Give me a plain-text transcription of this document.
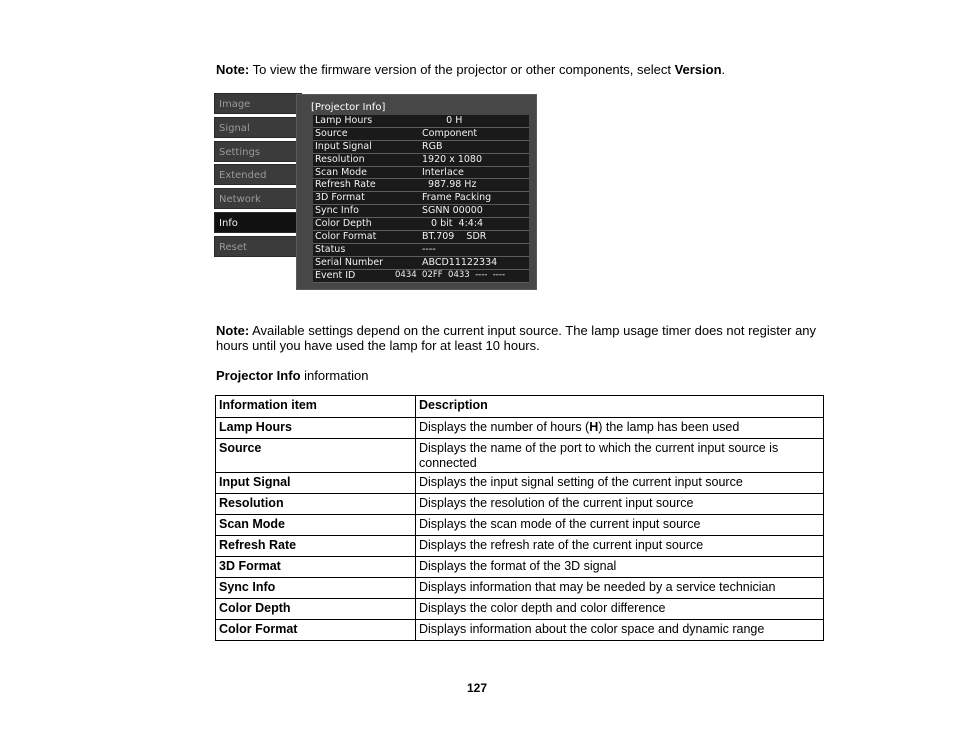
Note: To view the firmware version of the projector or other components, select Version.
Image
Signal
Settings
Extended
Network
Info
Reset
[Projector Info]
Lamp Hours	0 H
Source	Component
Input Signal	RGB
Resolution	1920 x 1080
Scan Mode	Interlace
Refresh Rate	987.98 Hz
3D Format	Frame Packing
Sync Info	SGNN 00000
Color Depth	0 bit  4:4:4
Color Format	BT.709    SDR
Status	----
Serial Number	ABCD11122334
Event ID	0434  02FF  0433  ----  ----
Note: Available settings depend on the current input source. The lamp usage timer does not register any hours until you have used the lamp for at least 10 hours.
Projector Info information
Information item	Description
Lamp Hours	Displays the number of hours (H) the lamp has been used
Source	Displays the name of the port to which the current input source is connected
Input Signal	Displays the input signal setting of the current input source
Resolution	Displays the resolution of the current input source
Scan Mode	Displays the scan mode of the current input source
Refresh Rate	Displays the refresh rate of the current input source
3D Format	Displays the format of the 3D signal
Sync Info	Displays information that may be needed by a service technician
Color Depth	Displays the color depth and color difference
Color Format	Displays information about the color space and dynamic range
127
